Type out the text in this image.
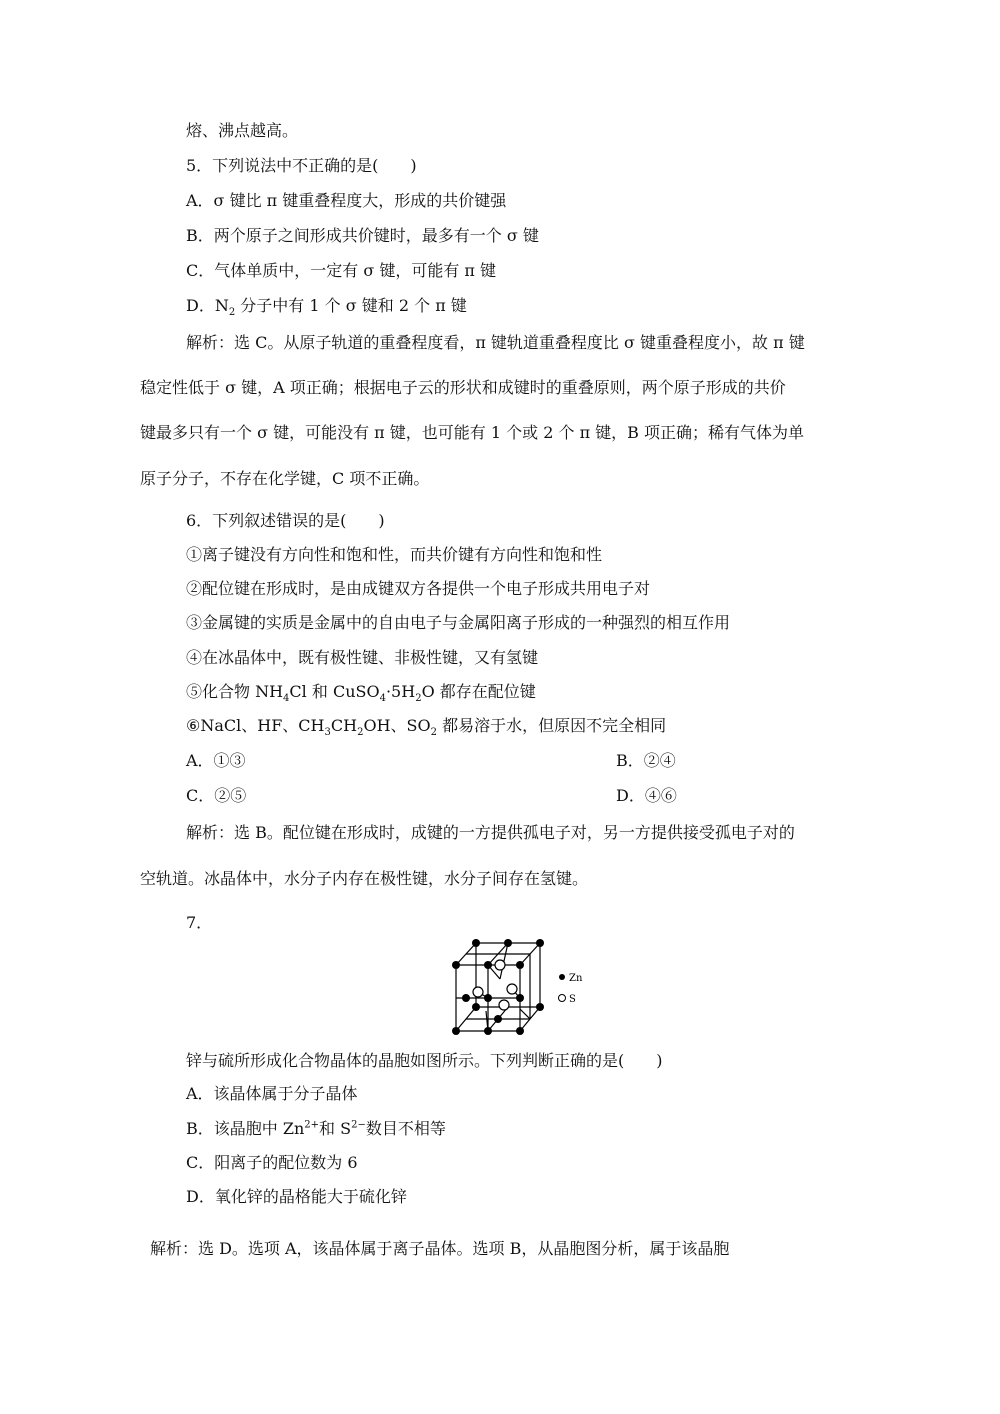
熔、沸点越高。
5．下列说法中不正确的是(　　)
A．σ 键比 π 键重叠程度大，形成的共价键强
B．两个原子之间形成共价键时，最多有一个 σ 键
C．气体单质中，一定有 σ 键，可能有 π 键
D．$N_2$ 分子中有 1 个 σ 键和 2 个 π 键
解析：选 C。从原子轨道的重叠程度看，π 键轨道重叠程度比 σ 键重叠程度小，故 π 键
稳定性低于 σ 键，A 项正确；根据电子云的形状和成键时的重叠原则，两个原子形成的共价
键最多只有一个 σ 键，可能没有 π 键，也可能有 1 个或 2 个 π 键，B 项正确；稀有气体为单
原子分子，不存在化学键，C 项不正确。
6．下列叙述错误的是(　　)
①离子键没有方向性和饱和性，而共价键有方向性和饱和性
②配位键在形成时，是由成键双方各提供一个电子形成共用电子对
③金属键的实质是金属中的自由电子与金属阳离子形成的一种强烈的相互作用
④在冰晶体中，既有极性键、非极性键，又有氢键
⑤化合物 $NH_4Cl$ 和 $CuSO_4\cdot 5H_2O$ 都存在配位键
⑥NaCl、HF、$CH_3CH_2OH$、$SO_2$ 都易溶于水，但原因不完全相同
A．①③	B．②④
C．②⑤	D．④⑥
解析：选 B。配位键在形成时，成键的一方提供孤电子对，另一方提供接受孤电子对的
空轨道。冰晶体中，水分子内存在极性键，水分子间存在氢键。
7．
Zn
S
锌与硫所形成化合物晶体的晶胞如图所示。下列判断正确的是(　　)
A．该晶体属于分子晶体
B．该晶胞中 $Zn^{2+}$和 $S^{2-}$数目不相等
C．阳离子的配位数为 6
D．氧化锌的晶格能大于硫化锌
解析：选 D。选项 A，该晶体属于离子晶体。选项 B，从晶胞图分析，属于该晶胞
